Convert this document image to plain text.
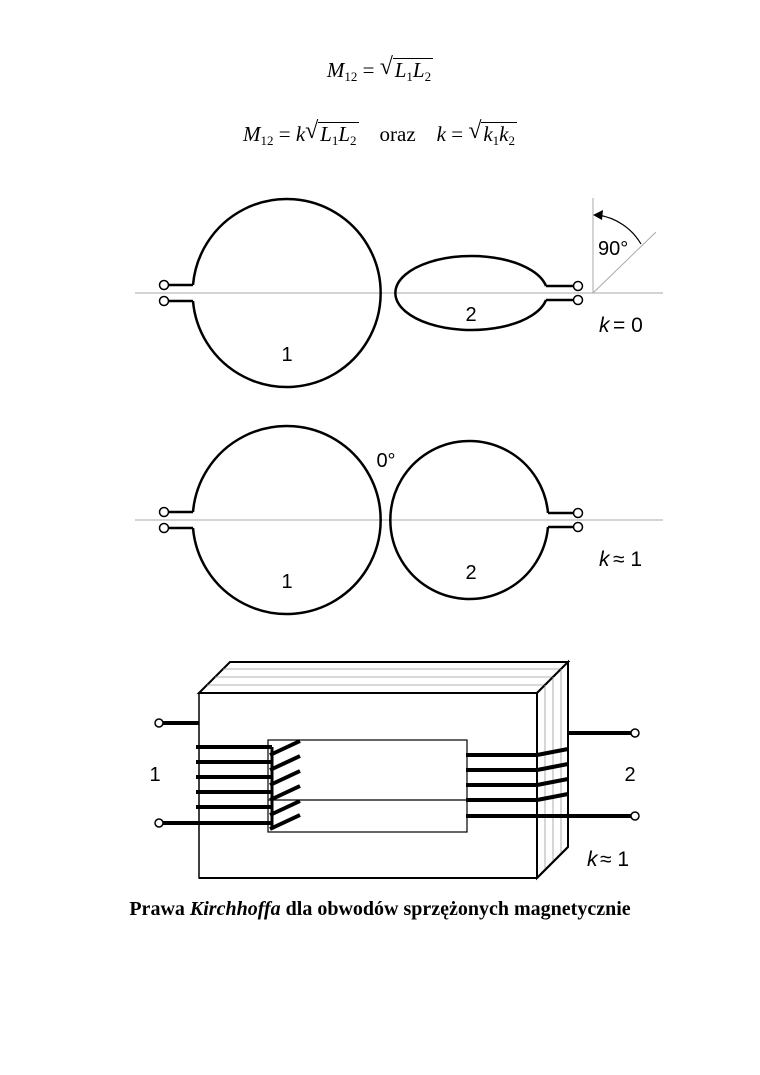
$M_{12}$ = √ $L_1L_2$
$M_{12} = k$ √ $L_1L_2$ oraz k = √ $k_1k_2$
1
2
90°
k = 0
1	2
0°
k ≈ 1
1	2
k ≈ 1
Prawa Kirchhoffa dla obwodów sprzężonych magnetycznie
